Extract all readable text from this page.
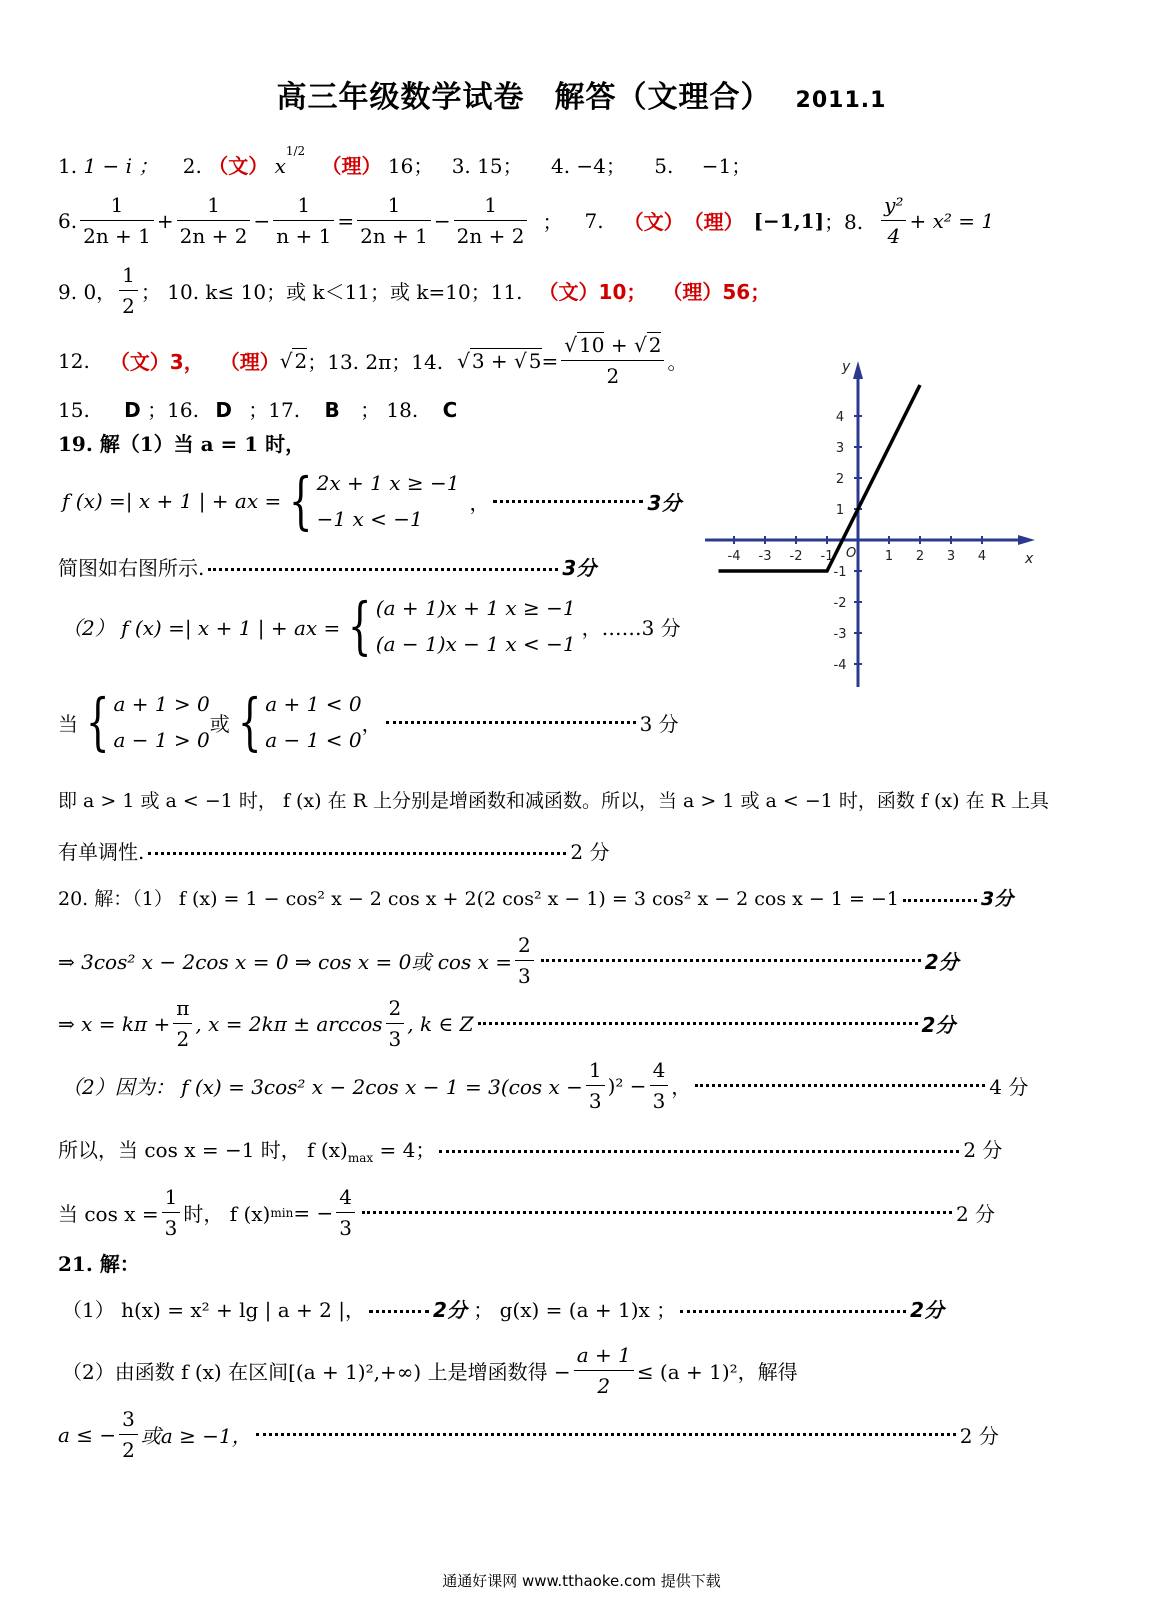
高三年级数学试卷 解答（文理合） 2011.1
1. 1 − i ； 2. （文） $x^{1/2}$ （理） 16； 3. 15； 4. −4； 5. −1；
6. $\frac{1}{2n + 1} + \frac{1}{2n + 2} - \frac{1}{n + 1} = \frac{1}{2n + 1} - \frac{1}{2n + 2}$ ； 7. （文） （理） [−1,1] ；8. $\frac{\text{y²}}{4} + x^2 = 1$
9. 0， $\frac{1}{2}$ ； 10. k≤ 10；或 k＜11；或 k=10；11. （文）10； （理）56；
12. （文）3， （理） √ 2 ；13. 2π；14. √ 3 + √ $5 = \frac{√ 10 + √ 2}{2}$ 。
15. D ；16. D ；17. B ； 18. C
19. 解（1）当 a = 1 时，
f (x) =| x + 1 | + ax = { 2x + 1 x ≥ −1
−1 x < −1
，	3分
简图如右图所示.	3分
（2） f (x) =| x + 1 | + ax = { (a + 1)x + 1 x ≥ −1
(a − 1)x − 1 x < −1
， ……3 分
当 { a + 1 > 0
a − 1 > 0
或 { a + 1 < 0
a − 1 < 0
，	3 分
即 a > 1 或 a < −1 时， f (x) 在 R 上分别是增函数和减函数。所以，当 a > 1 或 a < −1 时，函数 f (x) 在 R 上具
有单调性.	2 分
-4 -3 -2 -1	1 2 3 4
4
3
2
1
-1
-2
-3
-4
x
y
O
20. 解：（1） f (x) = 1 − cos² x − 2 cos x + 2(2 cos² x − 1) = 3 cos² x − 2 cos x − 1 = −1	3分
⇒ 3cos² x − 2cos x = 0 ⇒ cos x = 0或 $\cos x = \frac{2}{3}$	2分
⇒ $x = k\pi + \frac{\pi}{2}$ , $x = 2k\pi \pm \arccos \frac{2}{3}$ , k ∈ Z	2分
（2）因为： f (x) = 3cos² x − 2cos x − 1 = 3(cos $x - \frac{1}{3} )^2 - \frac{4}{3}$ ，	4 分
所以，当 cos x = −1 时， f $(x)_{max} = 4$；	2 分
当 $\cos x = \frac{1}{3}$ 时， f (x) min = − $\frac{4}{3}$	2 分
21. 解：
（1） h(x) = x² + lg | a + 2 |，	2分 ； g(x) = (a + 1)x ；	2分
（2）由函数 f (x) 在区间[(a + 1)²,+∞) 上是增函数得 − $\frac{a + 1}{2} \le (a + 1)^2$，解得
a ≤ − $\frac{3}{2}$ 或a ≥ −1，	2 分
通通好课网 www.tthaoke.com 提供下载
